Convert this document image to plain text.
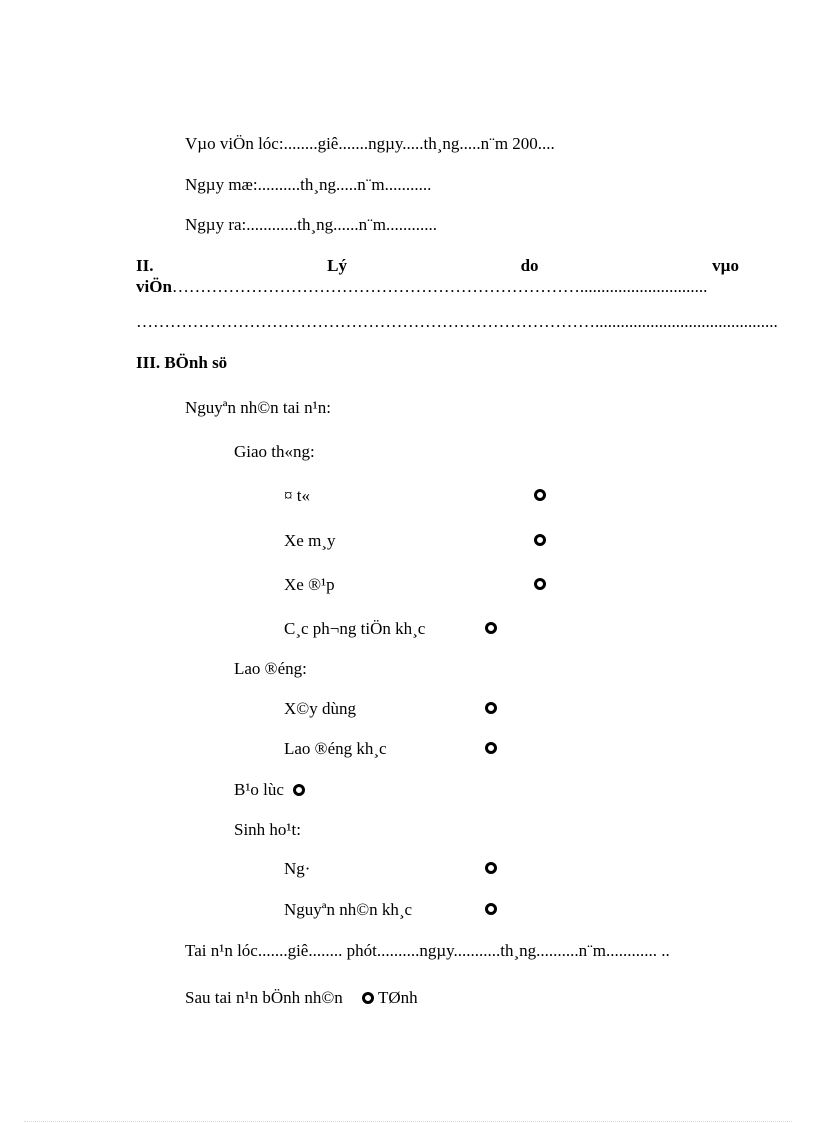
Vµo viÖn lóc:........giê.......ngµy.....th¸ng.....n¨m 200....
Ngµy mæ:..........th¸ng.....n¨m...........
Ngµy ra:............th¸ng......n¨m............
II.	Lý	do	vµo
viÖn………………………………………………………………..............................
………………………………………………………………………...........................................
III. BÖnh sö
Nguyªn nh©n tai n¹n:
Giao th«ng:
¤ t«
Xe m¸y
Xe ®¹p
C¸c ph¬ng tiÖn kh¸c
Lao ®éng:
X©y dùng
Lao ®éng kh¸c
B¹o lùc
Sinh ho¹t:
Ng·
Nguyªn nh©n kh¸c
Tai n¹n lóc.......giê........ phót..........ngµy...........th¸ng..........n¨m............ ..
Sau tai n¹n bÖnh nh©n TØnh
